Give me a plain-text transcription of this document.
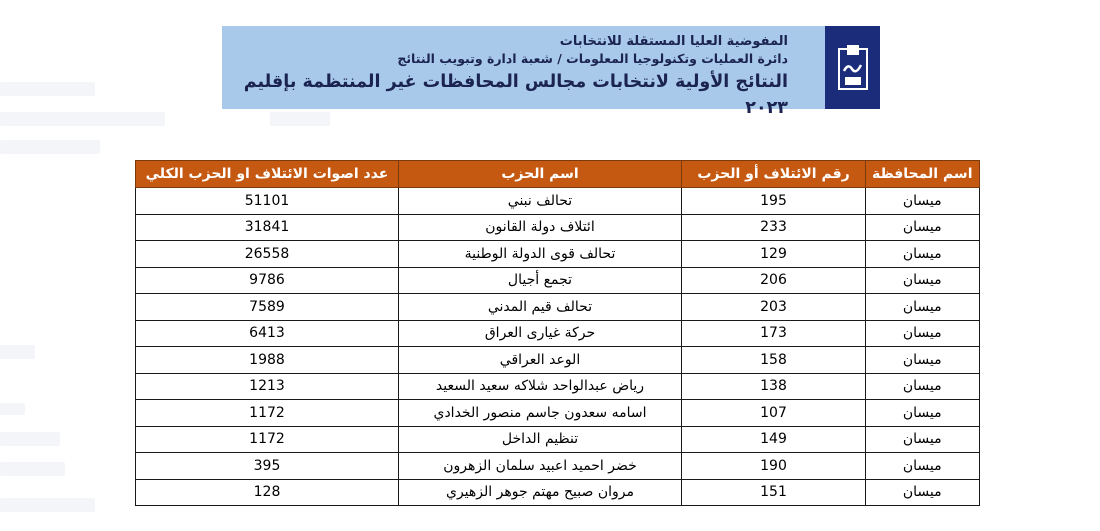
المفوضية العليا المستقلة للانتخابات
دائرة العمليات وتكنولوجيا المعلومات / شعبة ادارة وتبويب النتائج
النتائج الأولية لانتخابات مجالس المحافظات غير المنتظمة بإقليم ٢٠٢٣
اسم المحافظة	رقم الائتلاف أو الحزب	اسم الحزب	عدد اصوات الائتلاف او الحزب الكلي
ميسان	195	تحالف نبني	51101
ميسان	233	ائتلاف دولة القانون	31841
ميسان	129	تحالف قوى الدولة الوطنية	26558
ميسان	206	تجمع أجيال	9786
ميسان	203	تحالف قيم المدني	7589
ميسان	173	حركة غيارى العراق	6413
ميسان	158	الوعد العراقي	1988
ميسان	138	رياض عبدالواحد شلاكه سعيد السعيد	1213
ميسان	107	اسامه سعدون جاسم منصور الخدادي	1172
ميسان	149	تنظيم الداخل	1172
ميسان	190	خضر احميد اعبيد سلمان الزهرون	395
ميسان	151	مروان صبيح مهتم جوهر الزهيري	128
